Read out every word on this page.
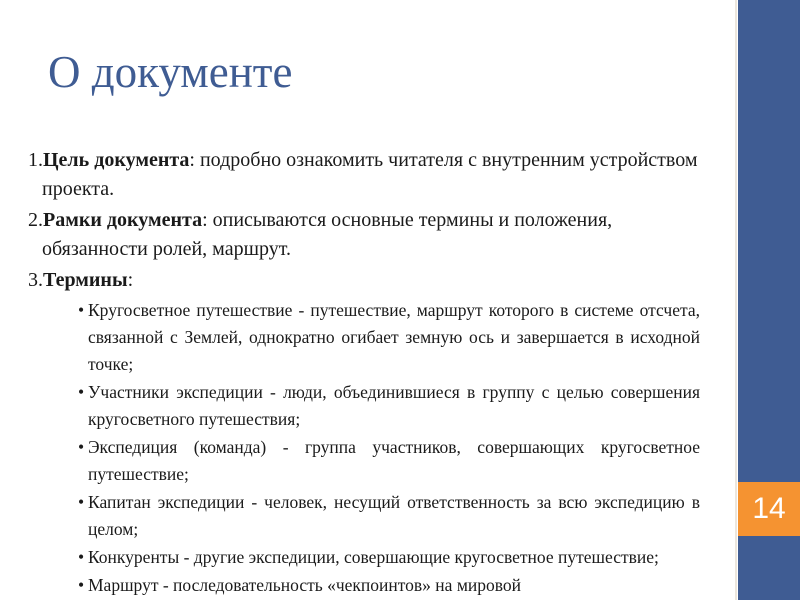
14
О документе
1.Цель документа: подробно ознакомить читателя с внутренним устройством проекта.
2.Рамки документа: описываются основные термины и положения, обязанности ролей, маршрут.
3.Термины:
• Кругосветное путешествие - путешествие, маршрут которого в системе отсчета, связанной с Землей, однократно огибает земную ось и завершается в исходной точке;
• Участники экспедиции - люди, объединившиеся в группу с целью совершения кругосветного путешествия;
• Экспедиция (команда) - группа участников, совершающих кругосветное путешествие;
• Капитан экспедиции - человек, несущий ответственность за всю экспедицию в целом;
• Конкуренты - другие экспедиции, совершающие кругосветное путешествие;
• Маршрут - последовательность «чекпоинтов» на мировой
